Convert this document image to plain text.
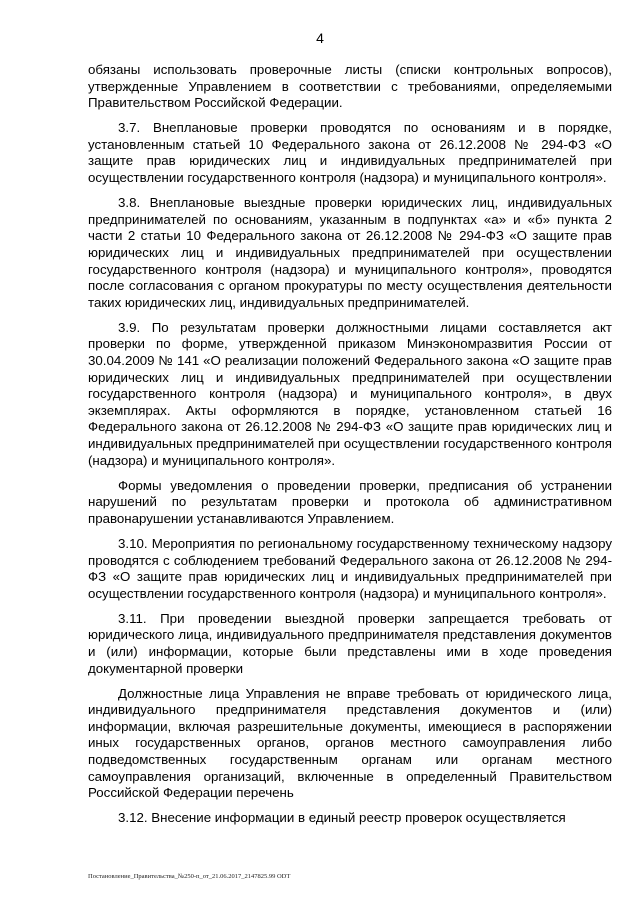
4

обязаны использовать проверочные листы (списки контрольных вопросов), утвержденные Управлением в соответствии с требованиями, определяемыми Правительством Российской Федерации.

3.7. Внеплановые проверки проводятся по основаниям и в порядке, установленным статьей 10 Федерального закона от 26.12.2008 № 294-ФЗ «О защите прав юридических лиц и индивидуальных предпринимателей при осуществлении государственного контроля (надзора) и муниципального контроля».

3.8. Внеплановые выездные проверки юридических лиц, индивидуальных предпринимателей по основаниям, указанным в подпунктах «а» и «б» пункта 2 части 2 статьи 10 Федерального закона от 26.12.2008 № 294-ФЗ «О защите прав юридических лиц и индивидуальных предпринимателей при осуществлении государственного контроля (надзора) и муниципального контроля», проводятся после согласования с органом прокуратуры по месту осуществления деятельности таких юридических лиц, индивидуальных предпринимателей.

3.9. По результатам проверки должностными лицами составляется акт проверки по форме, утвержденной приказом Минэкономразвития России от 30.04.2009 № 141 «О реализации положений Федерального закона «О защите прав юридических лиц и индивидуальных предпринимателей при осуществлении государственного контроля (надзора) и муниципального контроля», в двух экземплярах. Акты оформляются в порядке, установленном статьей 16 Федерального закона от 26.12.2008 № 294-ФЗ «О защите прав юридических лиц и индивидуальных предпринимателей при осуществлении государственного контроля (надзора) и муниципального контроля».

Формы уведомления о проведении проверки, предписания об устранении нарушений по результатам проверки и протокола об административном правонарушении устанавливаются Управлением.

3.10. Мероприятия по региональному государственному техническому надзору проводятся с соблюдением требований Федерального закона от 26.12.2008 № 294-ФЗ «О защите прав юридических лиц и индивидуальных предпринимателей при осуществлении государственного контроля (надзора) и муниципального контроля».

3.11. При проведении выездной проверки запрещается требовать от юридического лица, индивидуального предпринимателя представления документов и (или) информации, которые были представлены ими в ходе проведения документарной проверки

Должностные лица Управления не вправе требовать от юридического лица, индивидуального предпринимателя представления документов и (или) информации, включая разрешительные документы, имеющиеся в распоряжении иных государственных органов, органов местного самоуправления либо подведомственных государственным органам или органам местного самоуправления организаций, включенные в определенный Правительством Российской Федерации перечень

3.12. Внесение информации в единый реестр проверок осуществляется

Постановление_Правительства_№250-п_от_21.06.2017_2147825.99 ODT
